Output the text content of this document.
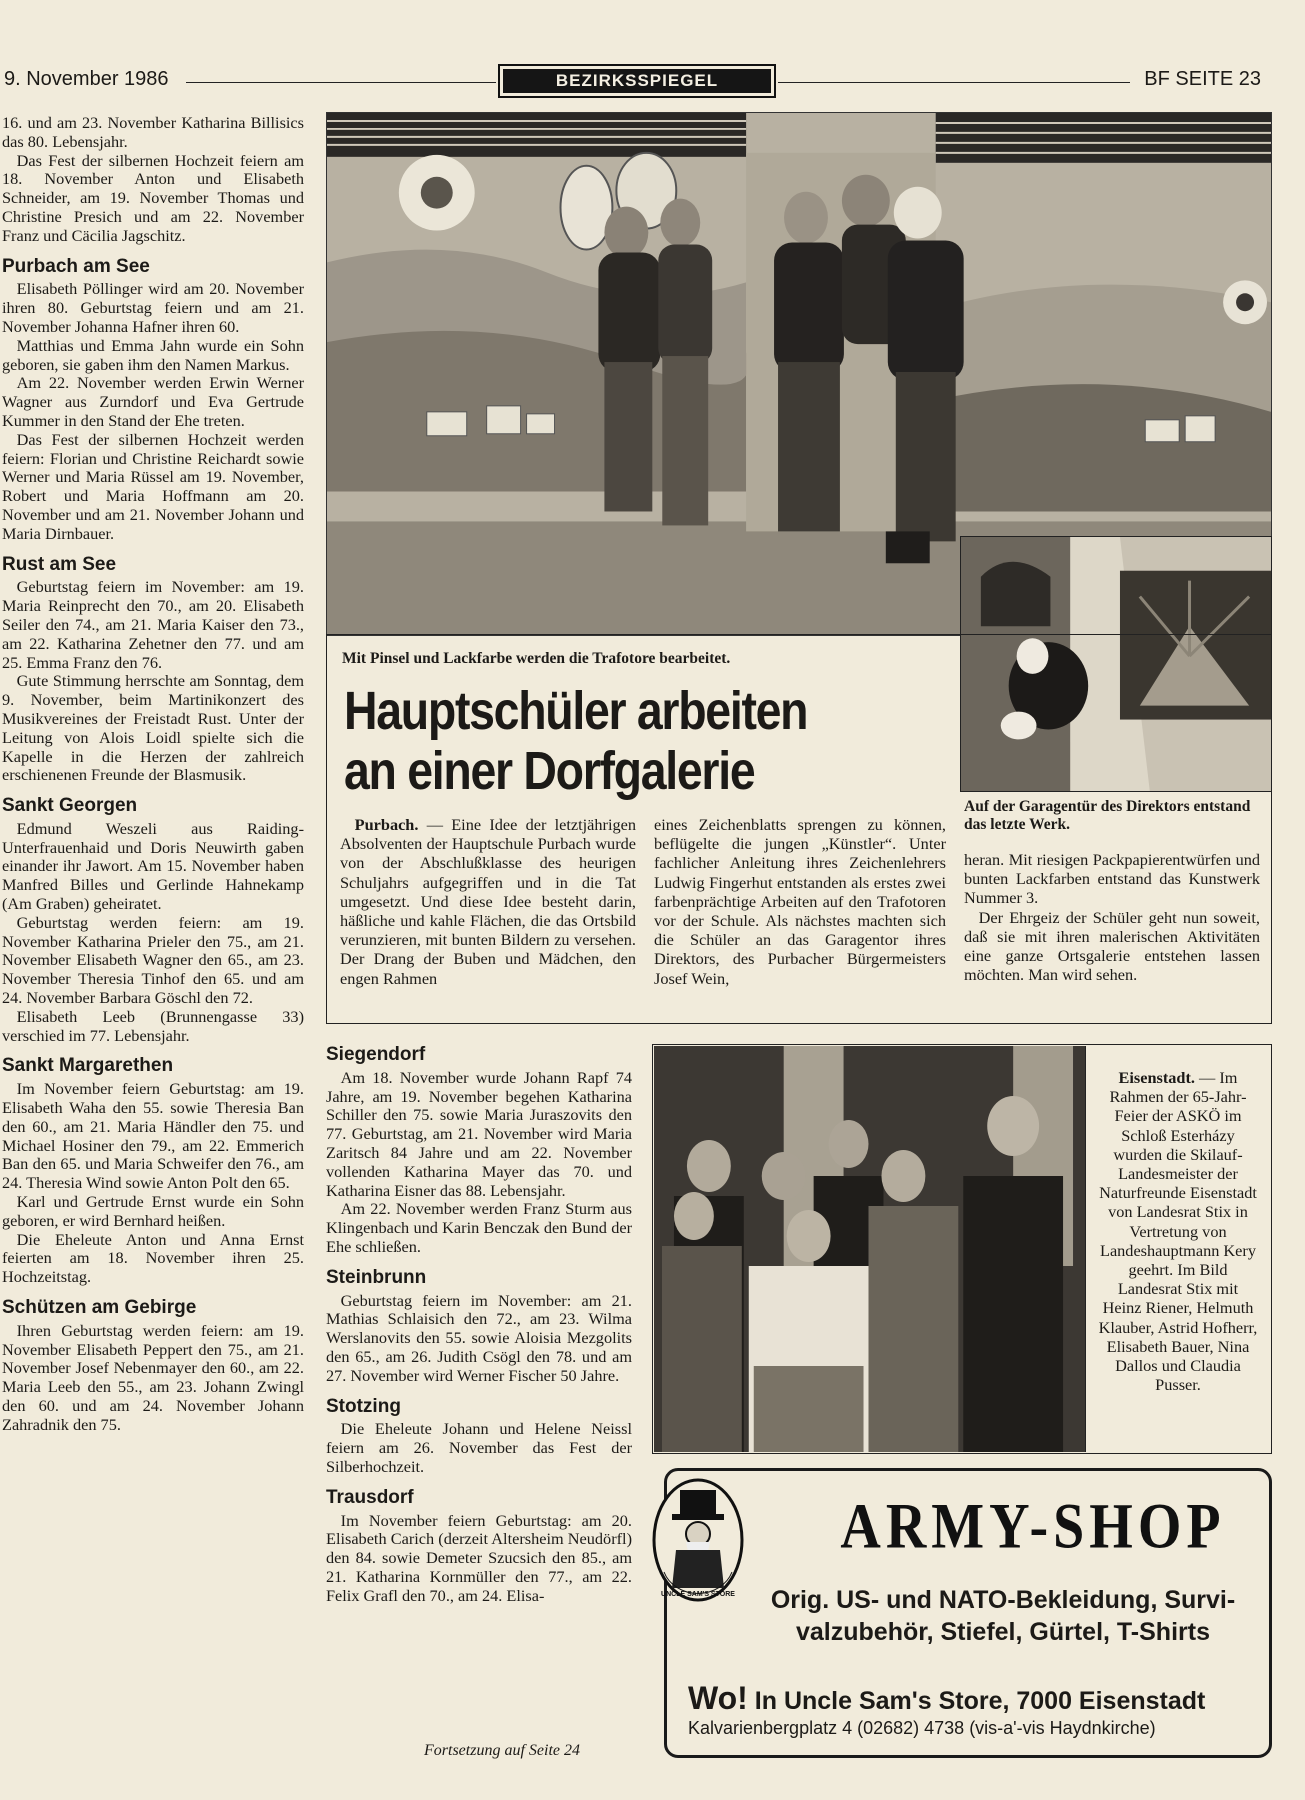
9. November 1986	BEZIRKSSPIEGEL	BF SEITE 23

16. und am 23. November Katharina Billisics das 80. Lebensjahr.

Das Fest der silbernen Hochzeit feiern am 18. November Anton und Elisabeth Schneider, am 19. November Thomas und Christine Presich und am 22. November Franz und Cäcilia Jagschitz.

Purbach am See

Elisabeth Pöllinger wird am 20. November ihren 80. Geburtstag feiern und am 21. November Johanna Hafner ihren 60.

Matthias und Emma Jahn wurde ein Sohn geboren, sie gaben ihm den Namen Markus.

Am 22. November werden Erwin Werner Wagner aus Zurndorf und Eva Gertrude Kummer in den Stand der Ehe treten.

Das Fest der silbernen Hochzeit werden feiern: Florian und Christine Reichardt sowie Werner und Maria Rüssel am 19. November, Robert und Maria Hoffmann am 20. November und am 21. November Johann und Maria Dirnbauer.

Rust am See

Geburtstag feiern im November: am 19. Maria Reinprecht den 70., am 20. Elisabeth Seiler den 74., am 21. Maria Kaiser den 73., am 22. Katharina Zehetner den 77. und am 25. Emma Franz den 76.

Gute Stimmung herrschte am Sonntag, dem 9. November, beim Martinikonzert des Musikvereines der Freistadt Rust. Unter der Leitung von Alois Loidl spielte sich die Kapelle in die Herzen der zahlreich erschienenen Freunde der Blasmusik.

Sankt Georgen

Edmund Weszeli aus Raiding-Unterfrauenhaid und Doris Neuwirth gaben einander ihr Jawort. Am 15. November haben Manfred Billes und Gerlinde Hahnekamp (Am Graben) geheiratet.

Geburtstag werden feiern: am 19. November Katharina Prieler den 75., am 21. November Elisabeth Wagner den 65., am 23. November Theresia Tinhof den 65. und am 24. November Barbara Göschl den 72.

Elisabeth Leeb (Brunnengasse 33) verschied im 77. Lebensjahr.

Sankt Margarethen

Im November feiern Geburtstag: am 19. Elisabeth Waha den 55. sowie Theresia Ban den 60., am 21. Maria Händler den 75. und Michael Hosiner den 79., am 22. Emmerich Ban den 65. und Maria Schweifer den 76., am 24. Theresia Wind sowie Anton Polt den 65.

Karl und Gertrude Ernst wurde ein Sohn geboren, er wird Bernhard heißen.

Die Eheleute Anton und Anna Ernst feierten am 18. November ihren 25. Hochzeitstag.

Schützen am Gebirge

Ihren Geburtstag werden feiern: am 19. November Elisabeth Peppert den 75., am 21. November Josef Nebenmayer den 60., am 22. Maria Leeb den 55., am 23. Johann Zwingl den 60. und am 24. November Johann Zahradnik den 75.

Mit Pinsel und Lackfarbe werden die Trafotore bearbeitet.
Auf der Garagentür des Direktors entstand das letzte Werk.
Hauptschüler arbeiten
an einer Dorfgalerie

Purbach. — Eine Idee der letztjährigen Absolventen der Hauptschule Purbach wurde von der Abschlußklasse des heurigen Schuljahrs aufgegriffen und in die Tat umgesetzt. Und diese Idee besteht darin, häßliche und kahle Flächen, die das Ortsbild verunzieren, mit bunten Bildern zu versehen. Der Drang der Buben und Mädchen, den engen Rahmen

eines Zeichenblatts sprengen zu können, beflügelte die jungen „Künstler“. Unter fachlicher Anleitung ihres Zeichenlehrers Ludwig Fingerhut entstanden als erstes zwei farbenprächtige Arbeiten auf den Trafotoren vor der Schule. Als nächstes machten sich die Schüler an das Garagentor ihres Direktors, des Purbacher Bürgermeisters Josef Wein,

heran. Mit riesigen Packpapierentwürfen und bunten Lackfarben entstand das Kunstwerk Nummer 3.

Der Ehrgeiz der Schüler geht nun soweit, daß sie mit ihren malerischen Aktivitäten eine ganze Ortsgalerie entstehen lassen möchten. Man wird sehen.

Siegendorf

Am 18. November wurde Johann Rapf 74 Jahre, am 19. November begehen Katharina Schiller den 75. sowie Maria Juraszovits den 77. Geburtstag, am 21. November wird Maria Zaritsch 84 Jahre und am 22. November vollenden Katharina Mayer das 70. und Katharina Eisner das 88. Lebensjahr.

Am 22. November werden Franz Sturm aus Klingenbach und Karin Benczak den Bund der Ehe schließen.

Steinbrunn

Geburtstag feiern im November: am 21. Mathias Schlaisich den 72., am 23. Wilma Werslanovits den 55. sowie Aloisia Mezgolits den 65., am 26. Judith Csögl den 78. und am 27. November wird Werner Fischer 50 Jahre.

Stotzing

Die Eheleute Johann und Helene Neissl feiern am 26. November das Fest der Silberhochzeit.

Trausdorf

Im November feiern Geburtstag: am 20. Elisabeth Carich (derzeit Altersheim Neudörfl) den 84. sowie Demeter Szucsich den 85., am 21. Katharina Kornmüller den 77., am 22. Felix Grafl den 70., am 24. Elisa-

Fortsetzung auf Seite 24
Eisenstadt. — Im Rahmen der 65-Jahr-Feier der ASKÖ im Schloß Esterházy wurden die Skilauf-Landesmeister der Naturfreunde Eisenstadt von Landesrat Stix in Vertretung von Landeshauptmann Kery geehrt. Im Bild Landesrat Stix mit Heinz Riener, Helmuth Klauber, Astrid Hofherr, Elisabeth Bauer, Nina Dallos und Claudia Pusser.
UNCLE SAM'S STORE
ARMY-SHOP
Orig. US- und NATO-Bekleidung, Survi-
valzubehör, Stiefel, Gürtel, T-Shirts
Wo! In Uncle Sam's Store, 7000 Eisenstadt
Kalvarienbergplatz 4 (02682) 4738 (vis-a'-vis Haydnkirche)
